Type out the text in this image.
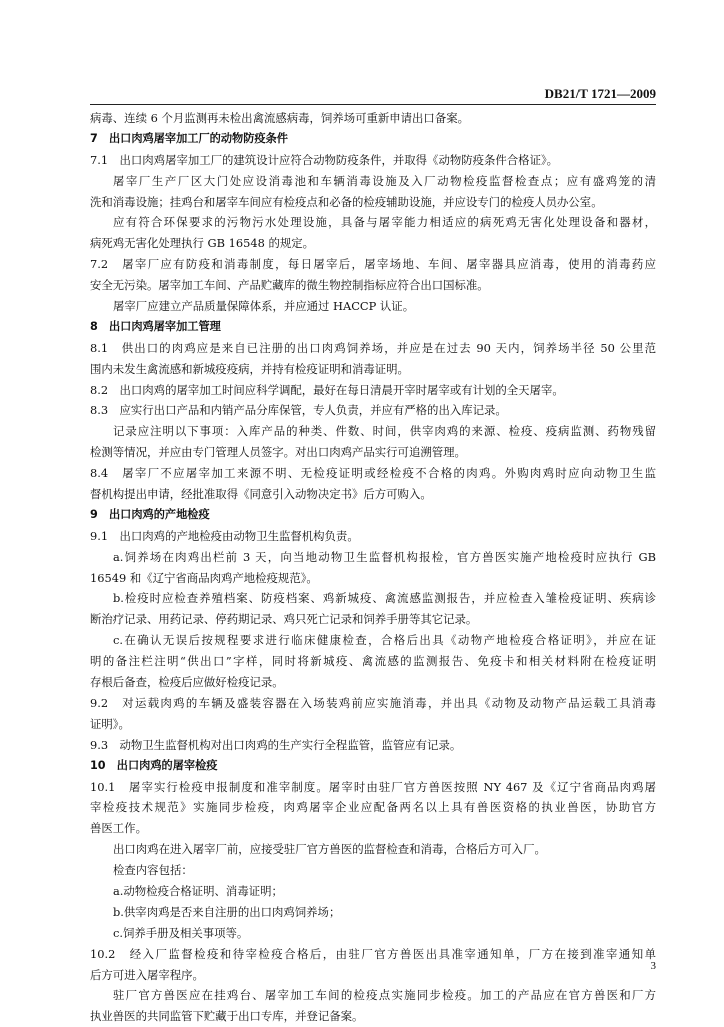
DB21/T 1721—2009
病毒、连续 6 个月监测再未检出禽流感病毒，饲养场可重新申请出口备案。
7　出口肉鸡屠宰加工厂的动物防疫条件
7.1　出口肉鸡屠宰加工厂的建筑设计应符合动物防疫条件，并取得《动物防疫条件合格证》。
屠宰厂生产厂区大门处应设消毒池和车辆消毒设施及入厂动物检疫监督检查点；应有盛鸡笼的清
洗和消毒设施；挂鸡台和屠宰车间应有检疫点和必备的检疫辅助设施，并应设专门的检疫人员办公室。
应有符合环保要求的污物污水处理设施，具备与屠宰能力相适应的病死鸡无害化处理设备和器材，
病死鸡无害化处理执行 GB 16548 的规定。
7.2　屠宰厂应有防疫和消毒制度，每日屠宰后，屠宰场地、车间、屠宰器具应消毒，使用的消毒药应
安全无污染。屠宰加工车间、产品贮藏库的微生物控制指标应符合出口国标准。
屠宰厂应建立产品质量保障体系，并应通过 HACCP 认证。
8　出口肉鸡屠宰加工管理
8.1　供出口的肉鸡应是来自已注册的出口肉鸡饲养场，并应是在过去 90 天内，饲养场半径 50 公里范
围内未发生禽流感和新城疫疫病，并持有检疫证明和消毒证明。
8.2　出口肉鸡的屠宰加工时间应科学调配，最好在每日清晨开宰时屠宰或有计划的全天屠宰。
8.3　应实行出口产品和内销产品分库保管，专人负责，并应有严格的出入库记录。
记录应注明以下事项：入库产品的种类、件数、时间，供宰肉鸡的来源、检疫、疫病监测、药物残留
检测等情况，并应由专门管理人员签字。对出口肉鸡产品实行可追溯管理。
8.4　屠宰厂不应屠宰加工来源不明、无检疫证明或经检疫不合格的肉鸡。外购肉鸡时应向动物卫生监
督机构提出申请，经批准取得《同意引入动物决定书》后方可购入。
9　出口肉鸡的产地检疫
9.1　出口肉鸡的产地检疫由动物卫生监督机构负责。
a.饲养场在肉鸡出栏前 3 天，向当地动物卫生监督机构报检，官方兽医实施产地检疫时应执行 GB
16549 和《辽宁省商品肉鸡产地检疫规范》。
b.检疫时应检查养殖档案、防疫档案、鸡新城疫、禽流感监测报告，并应检查入雏检疫证明、疾病诊
断治疗记录、用药记录、停药期记录、鸡只死亡记录和饲养手册等其它记录。
c.在确认无误后按规程要求进行临床健康检查，合格后出具《动物产地检疫合格证明》，并应在证
明的备注栏注明“供出口”字样，同时将新城疫、禽流感的监测报告、免疫卡和相关材料附在检疫证明
存根后备查，检疫后应做好检疫记录。
9.2　对运载肉鸡的车辆及盛装容器在入场装鸡前应实施消毒，并出具《动物及动物产品运载工具消毒
证明》。
9.3　动物卫生监督机构对出口肉鸡的生产实行全程监管，监管应有记录。
10　出口肉鸡的屠宰检疫
10.1　屠宰实行检疫申报制度和准宰制度。屠宰时由驻厂官方兽医按照 NY 467 及《辽宁省商品肉鸡屠
宰检疫技术规范》实施同步检疫，肉鸡屠宰企业应配备两名以上具有兽医资格的执业兽医，协助官方
兽医工作。
出口肉鸡在进入屠宰厂前，应接受驻厂官方兽医的监督检查和消毒，合格后方可入厂。
检查内容包括：
a.动物检疫合格证明、消毒证明；
b.供宰肉鸡是否来自注册的出口肉鸡饲养场；
c.饲养手册及相关事项等。
10.2　经入厂监督检疫和待宰检疫合格后，由驻厂官方兽医出具准宰通知单，厂方在接到准宰通知单
后方可进入屠宰程序。
驻厂官方兽医应在挂鸡台、屠宰加工车间的检疫点实施同步检疫。加工的产品应在官方兽医和厂方
执业兽医的共同监管下贮藏于出口专库，并登记备案。
3
